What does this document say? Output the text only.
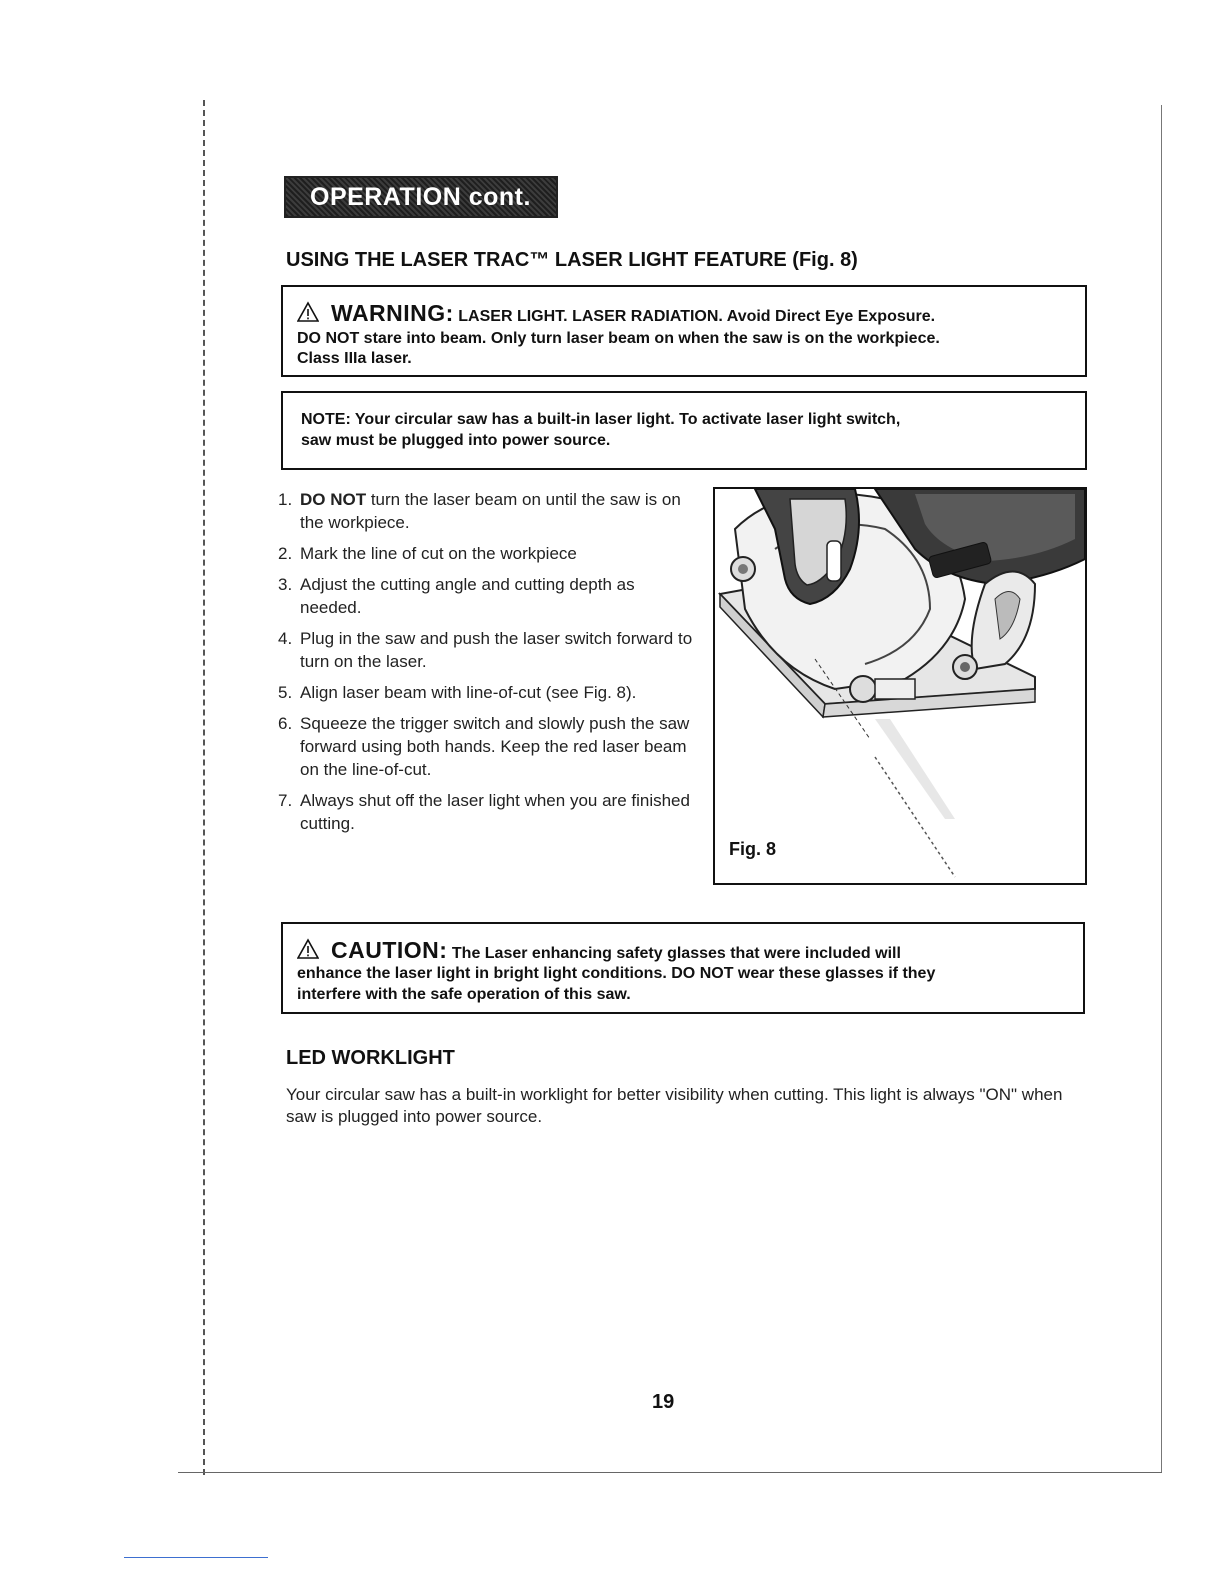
OPERATION cont.
USING THE LASER TRAC™ LASER LIGHT FEATURE (Fig. 8)
WARNING: LASER LIGHT. LASER RADIATION. Avoid Direct Eye Exposure.
DO NOT stare into beam. Only turn laser beam on when the saw is on the workpiece.
Class IIIa laser.
NOTE: Your circular saw has a built-in laser light. To activate laser light switch,
saw must be plugged into power source.
1. DO NOT turn the laser beam on until the saw is on the workpiece.
2. Mark the line of cut on the workpiece
3. Adjust the cutting angle and cutting depth as needed.
4. Plug in the saw and push the laser switch forward to turn on the laser.
5. Align laser beam with line-of-cut (see Fig. 8).
6. Squeeze the trigger switch and slowly push the saw forward using both hands. Keep the red laser beam on the line-of-cut.
7. Always shut off the laser light when you are finished cutting.
Fig. 8
CAUTION: The Laser enhancing safety glasses that were included will
enhance the laser light in bright light conditions. DO NOT wear these glasses if they
interfere with the safe operation of this saw.
LED WORKLIGHT
Your circular saw has a built-in worklight for better visibility when cutting. This light is always "ON" when saw is plugged into power source.
19
